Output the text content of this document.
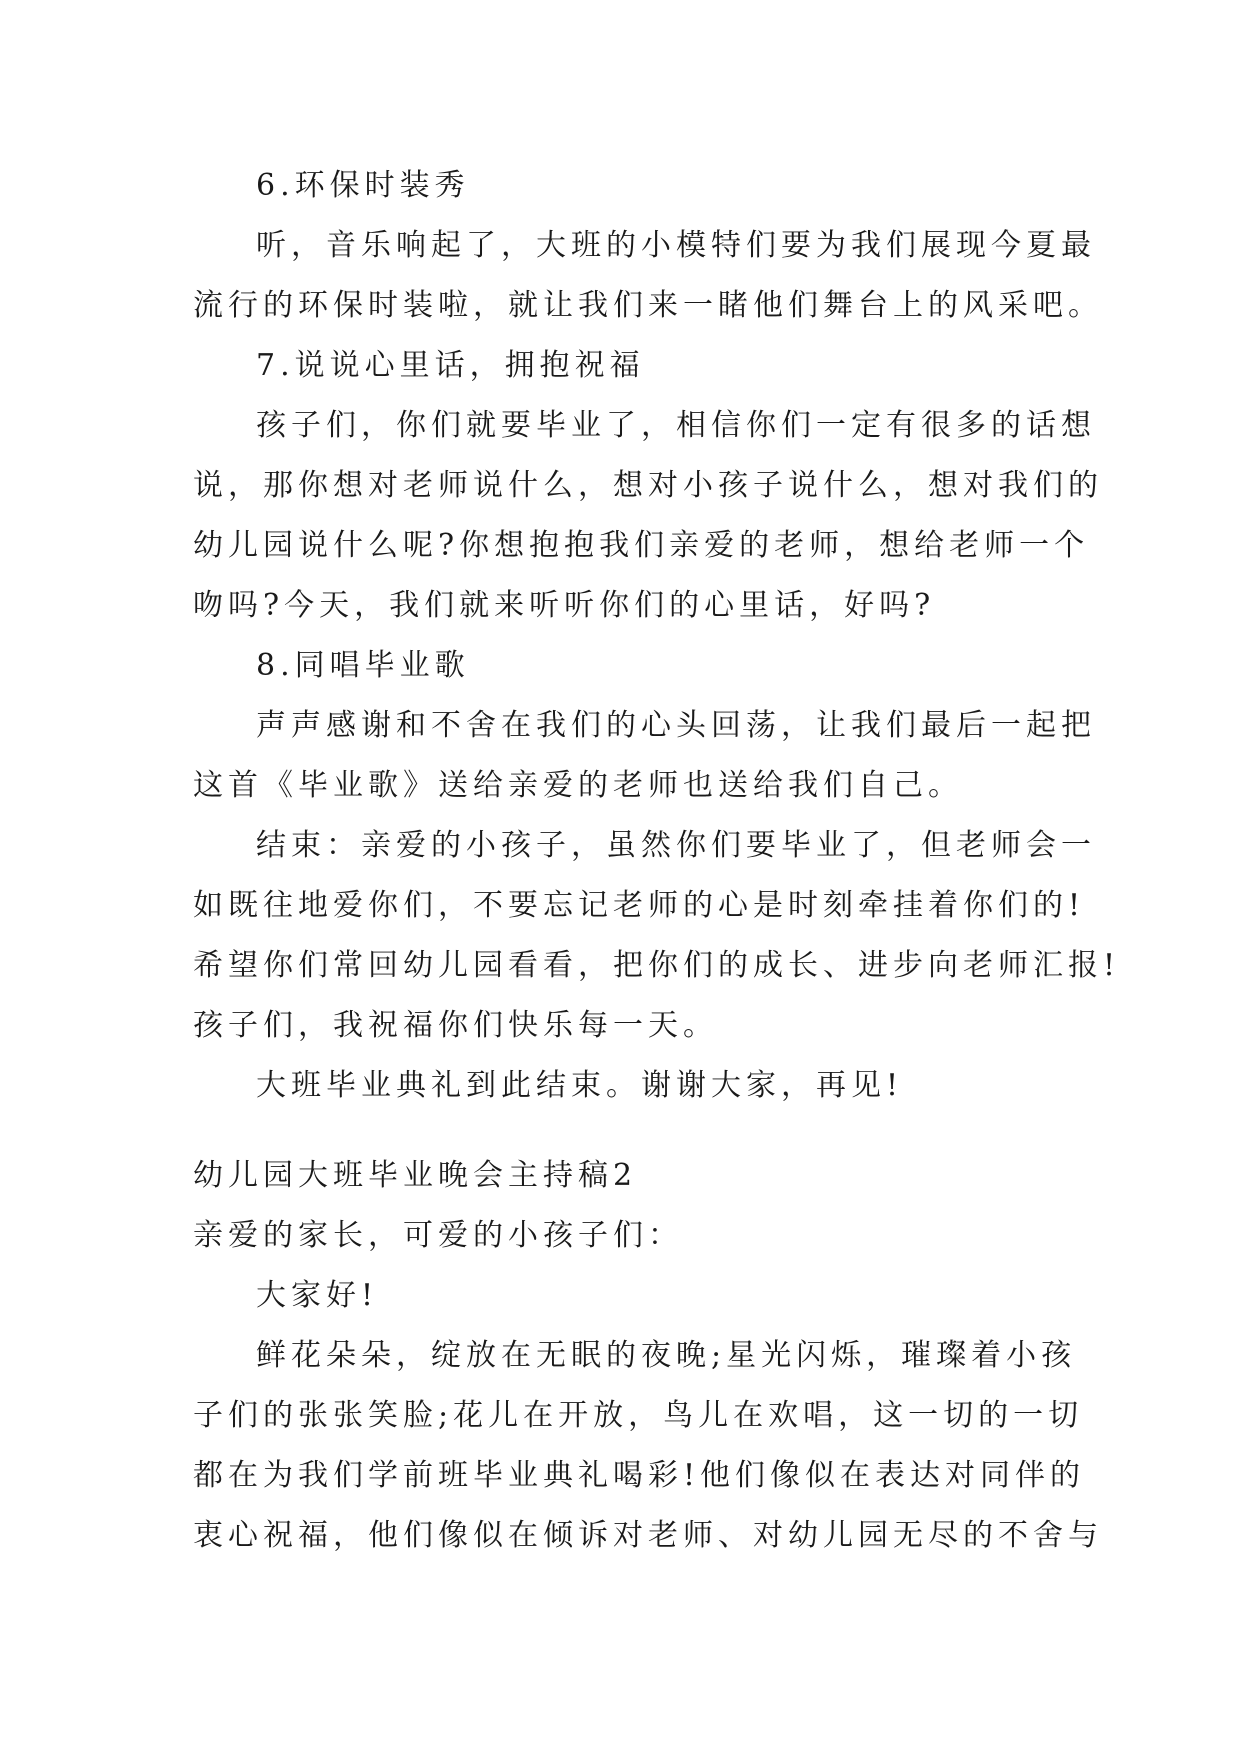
6.环保时装秀
听，音乐响起了，大班的小模特们要为我们展现今夏最
流行的环保时装啦，就让我们来一睹他们舞台上的风采吧。
7.说说心里话，拥抱祝福
孩子们，你们就要毕业了，相信你们一定有很多的话想
说，那你想对老师说什么，想对小孩子说什么，想对我们的
幼儿园说什么呢?你想抱抱我们亲爱的老师，想给老师一个
吻吗?今天，我们就来听听你们的心里话，好吗?
8.同唱毕业歌
声声感谢和不舍在我们的心头回荡，让我们最后一起把
这首《毕业歌》送给亲爱的老师也送给我们自己。
结束：亲爱的小孩子，虽然你们要毕业了，但老师会一
如既往地爱你们，不要忘记老师的心是时刻牵挂着你们的!
希望你们常回幼儿园看看，把你们的成长、进步向老师汇报!
孩子们，我祝福你们快乐每一天。
大班毕业典礼到此结束。谢谢大家，再见!
幼儿园大班毕业晚会主持稿2
亲爱的家长，可爱的小孩子们：
大家好!
鲜花朵朵，绽放在无眠的夜晚;星光闪烁，璀璨着小孩
子们的张张笑脸;花儿在开放，鸟儿在欢唱，这一切的一切
都在为我们学前班毕业典礼喝彩!他们像似在表达对同伴的
衷心祝福，他们像似在倾诉对老师、对幼儿园无尽的不舍与
